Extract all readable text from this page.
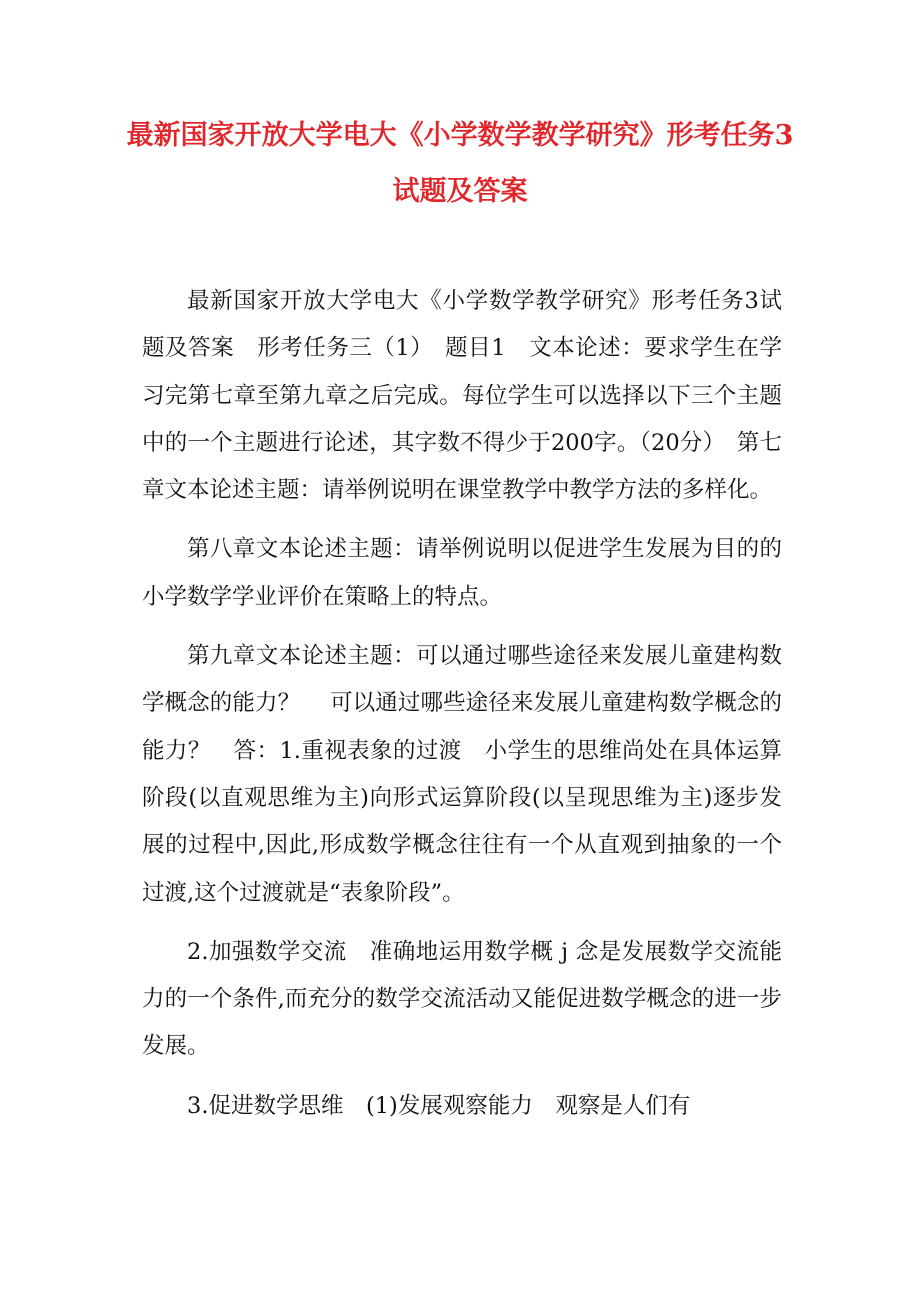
最新国家开放大学电大《小学数学教学研究》形考任务3试题及答案

最新国家开放大学电大《小学数学教学研究》形考任务3试题及答案　形考任务三（1）　题目1　文本论述：要求学生在学习完第七章至第九章之后完成。每位学生可以选择以下三个主题中的一个主题进行论述，其字数不得少于200字。（20分）　第七章文本论述主题：请举例说明在课堂教学中教学方法的多样化。

第八章文本论述主题：请举例说明以促进学生发展为目的的小学数学学业评价在策略上的特点。

第九章文本论述主题：可以通过哪些途径来发展儿童建构数学概念的能力？　 可以通过哪些途径来发展儿童建构数学概念的能力？　答：1.重视表象的过渡　小学生的思维尚处在具体运算阶段(以直观思维为主)向形式运算阶段(以呈现思维为主)逐步发展的过程中,因此,形成数学概念往往有一个从直观到抽象的一个过渡,这个过渡就是“表象阶段”。

2.加强数学交流　准确地运用数学概 j 念是发展数学交流能力的一个条件,而充分的数学交流活动又能促进数学概念的进一步发展。

3.促进数学思维　(1)发展观察能力　观察是人们有
